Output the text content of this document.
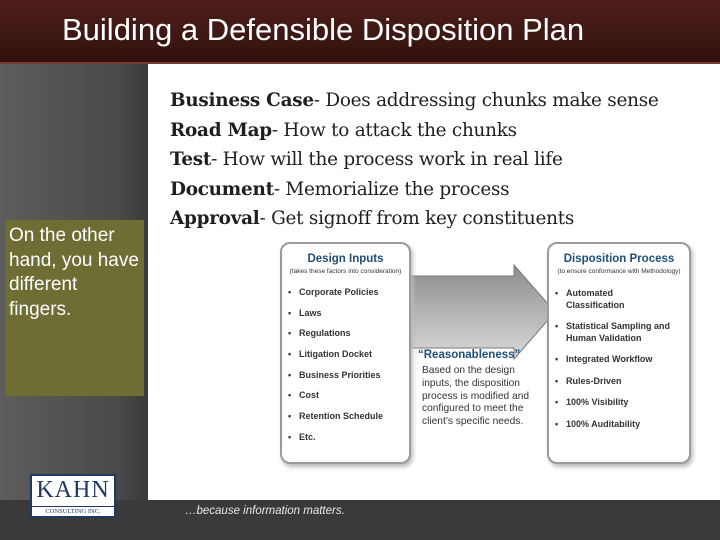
Building a Defensible Disposition Plan
On the other hand, you have different fingers.
Business Case- Does addressing chunks make sense
Road Map- How to attack the chunks
Test- How will the process work in real life
Document- Memorialize the process
Approval- Get signoff from key constituents
Design Inputs
(takes these factors into consideration)
• Corporate Policies
• Laws
• Regulations
• Litigation Docket
• Business Priorities
• Cost
• Retention Schedule
• Etc.
“Reasonableness”
Based on the design inputs, the disposition process is modified and configured to meet the client’s specific needs.
Disposition Process
(to ensure conformance with Methodology)
• Automated Classification
• Statistical Sampling and Human Validation
• Integrated Workflow
• Rules-Driven
• 100% Visibility
• 100% Auditability
…because information matters.
KAHN
CONSULTING INC.
